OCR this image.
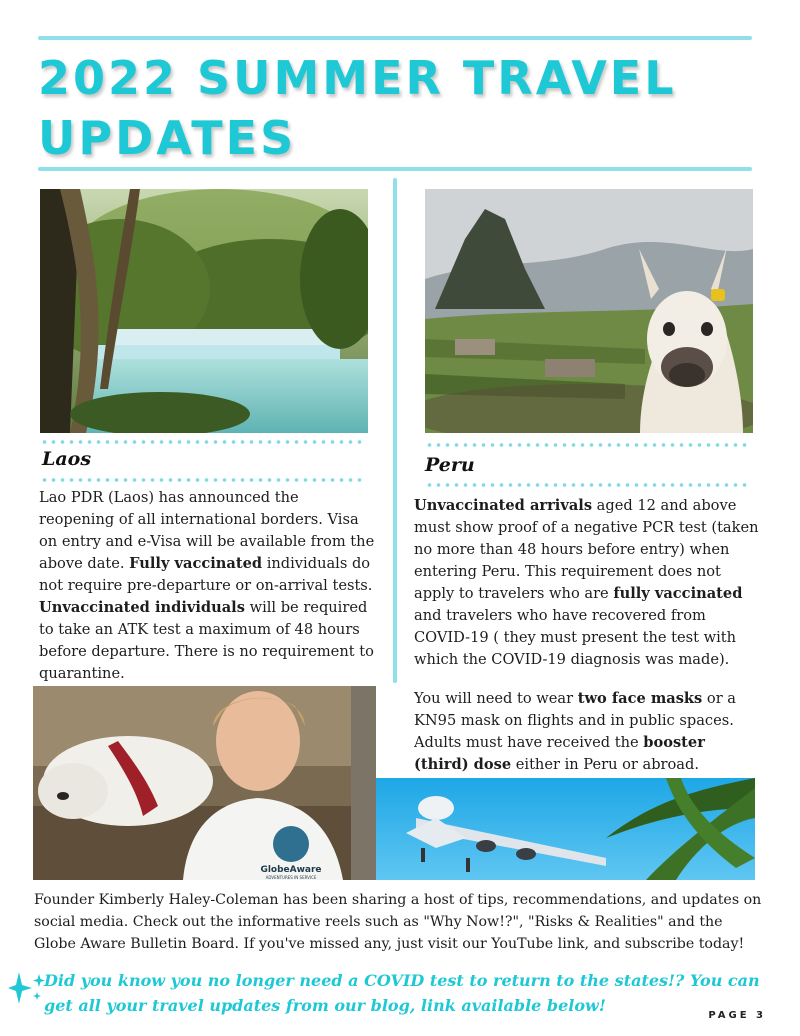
2022 SUMMER TRAVEL UPDATES
Laos	Peru
Lao PDR (Laos) has announced the reopening of all international borders. Visa on entry and e-Visa will be available from the above date. Fully vaccinated individuals do not require pre-departure or on-arrival tests. Unvaccinated individuals will be required to take an ATK test a maximum of 48 hours before departure. There is no requirement to quarantine.
Unvaccinated arrivals aged 12 and above must show proof of a negative PCR test (taken no more than 48 hours before entry) when entering Peru. This requirement does not apply to travelers who are fully vaccinated and travelers who have recovered from COVID-19 ( they must present the test with which the COVID-19 diagnosis was made).
You will need to wear two face masks or a KN95 mask on flights and in public spaces. Adults must have received the booster (third) dose either in Peru or abroad.
GlobeAware
ADVENTURES IN SERVICE
Founder Kimberly Haley-Coleman has been sharing a host of tips, recommendations, and updates on social media. Check out the informative reels such as "Why Now!?", "Risks & Realities" and the Globe Aware Bulletin Board. If you've missed any, just visit our YouTube link, and subscribe today!
Did you know you no longer need a COVID test to return to the states!? You can get all your travel updates from our blog, link available below!
PAGE 3
